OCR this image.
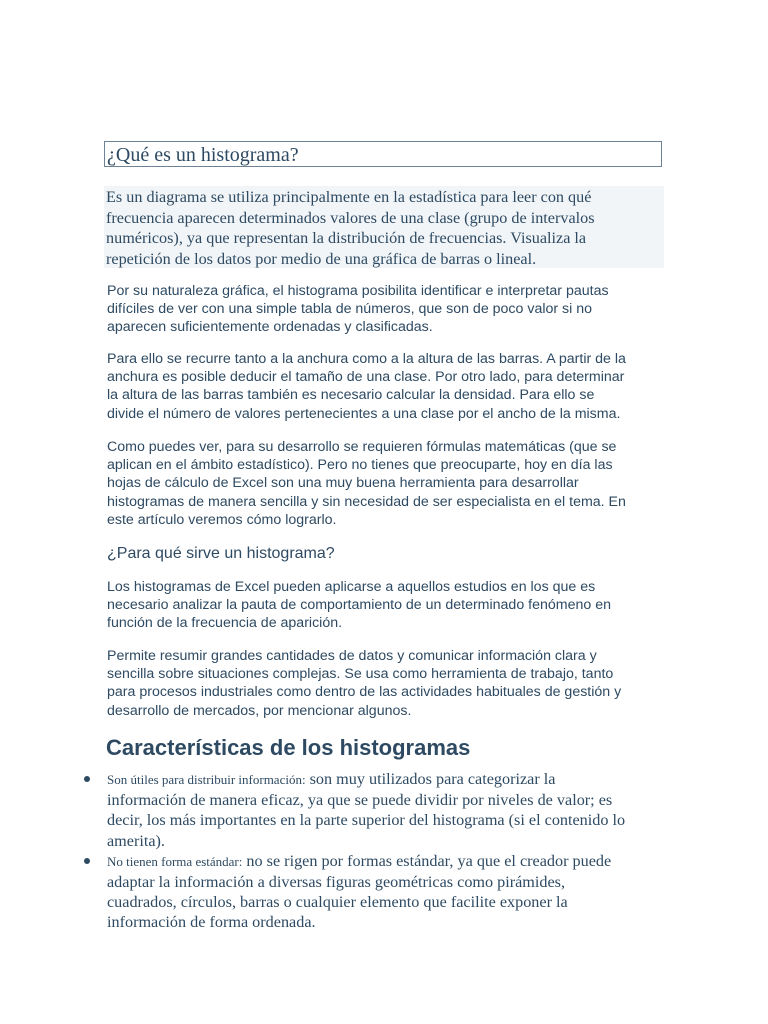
¿Qué es un histograma?
Es un diagrama se utiliza principalmente en la estadística para leer con qué
frecuencia aparecen determinados valores de una clase (grupo de intervalos
numéricos), ya que representan la distribución de frecuencias. Visualiza la
repetición de los datos por medio de una gráfica de barras o lineal.
Por su naturaleza gráfica, el histograma posibilita identificar e interpretar pautas
difíciles de ver con una simple tabla de números, que son de poco valor si no
aparecen suficientemente ordenadas y clasificadas.
Para ello se recurre tanto a la anchura como a la altura de las barras. A partir de la
anchura es posible deducir el tamaño de una clase. Por otro lado, para determinar
la altura de las barras también es necesario calcular la densidad. Para ello se
divide el número de valores pertenecientes a una clase por el ancho de la misma.
Como puedes ver, para su desarrollo se requieren fórmulas matemáticas (que se
aplican en el ámbito estadístico). Pero no tienes que preocuparte, hoy en día las
hojas de cálculo de Excel son una muy buena herramienta para desarrollar
histogramas de manera sencilla y sin necesidad de ser especialista en el tema. En
este artículo veremos cómo lograrlo.
¿Para qué sirve un histograma?
Los histogramas de Excel pueden aplicarse a aquellos estudios en los que es
necesario analizar la pauta de comportamiento de un determinado fenómeno en
función de la frecuencia de aparición.
Permite resumir grandes cantidades de datos y comunicar información clara y
sencilla sobre situaciones complejas. Se usa como herramienta de trabajo, tanto
para procesos industriales como dentro de las actividades habituales de gestión y
desarrollo de mercados, por mencionar algunos.
Características de los histogramas
Son útiles para distribuir información: son muy utilizados para categorizar la
información de manera eficaz, ya que se puede dividir por niveles de valor; es
decir, los más importantes en la parte superior del histograma (si el contenido lo
amerita).
No tienen forma estándar: no se rigen por formas estándar, ya que el creador puede
adaptar la información a diversas figuras geométricas como pirámides,
cuadrados, círculos, barras o cualquier elemento que facilite exponer la
información de forma ordenada.
